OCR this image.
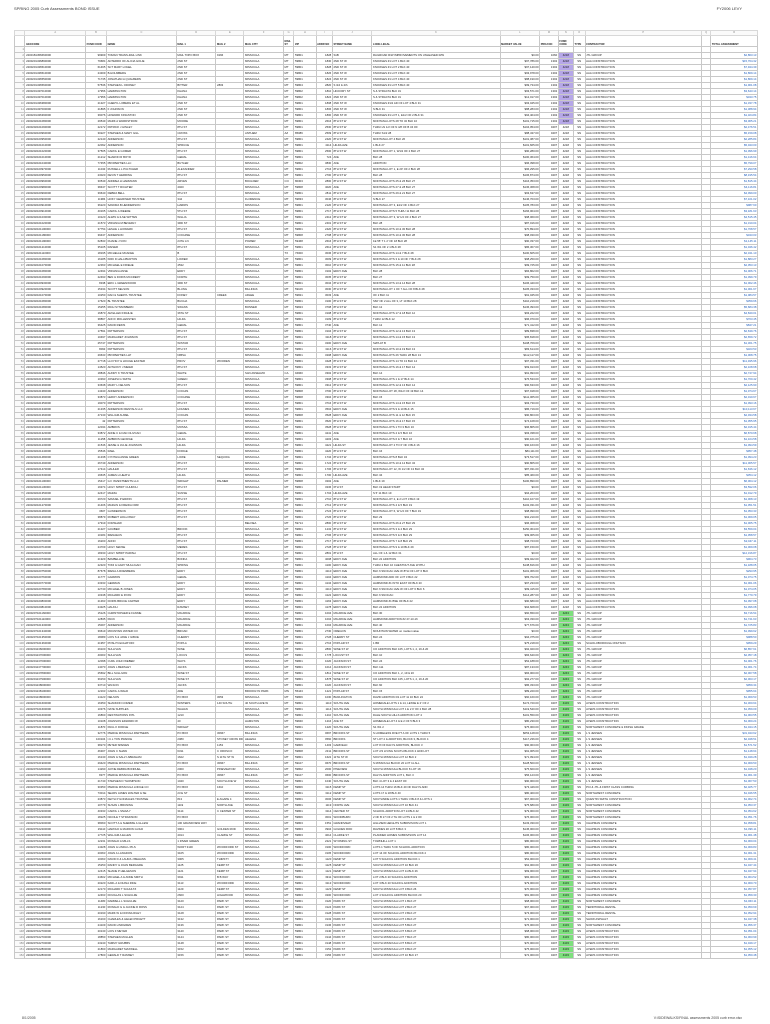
SPRING 2005 Curb Assessments BOND ISSUE	FY2006 LEVY
	A	B	C	D	E	F	G	H	I	J	K	L	M	N	O	P	Q	R
	GEOCODE	FUND CO/ID	NAME	MAIL 1	MAIL 2	MAIL CITY	MAIL ST	ZIP	ADDR NO	STREET NAME	LONG LEGAL	MARKET VALUE	PROJ NO	FUND CODE	TYPE	CONTRACTOR		TOTAL ASSESSMENT
1																		
2	2200181456660000	99909	TOMAN TRANS-RAIL LINK	MAIL TOPO BOX	9166	MISSOULA	MT	59801	1828	S1B	RAILROAD R/W IMPROVEMENTS ON UNLEASED R/W	$0.00	1060	4218	SN	JTL GROUP		$2,863.13
3	2200201436890000	79684	ANTERRO OF ALICIA GOLIE	2ND ST		MISSOULA	MT	59801	1830	2ND ST W	KNOWLES #1 LOT 1 BLK 40	$97,786.00	1302	4218	SN	AAA CONSTRUCTION		$15,764.32
4	2200201436510000	61465	SCT MARY LOGEL	2ND ST		MISSOULA	MT	59801	1828	2ND ST W	KNOWLES #1 LOT 2 BLK 40	$97,140.00	1302	4218	SN	AAA CONSTRUCTION		$7,944.39
5	2200201436510000	24309	B.HOLMBERG	2ND ST		MISSOULA	MT	59801	1826	2ND ST W	KNOWLES #1 LOT 3 BLK 40	$93,978.00	1302	4218	SN	AAA CONSTRUCTION		$1,869.14
6	2200201436550000	71735	JONATHAN A QUALBERN	2ND ST		MISSOULA	MT	59801	1824	2ND ST W	KNOWLES #1 LOT 4 BLK 40	$88,190.00	1302	4218	SN	AAA CONSTRUCTION		$1,869.14
7	2200201436560000	57536	STEPHEN L ODONEY	BITTER	2803	MISSOULA	MT	59804	2820	S 3rd & 4th	KNOWLES #1 LOT 5 BLK 40	$99,734.00	1302	4218	SN	AAA CONSTRUCTION		$1,901.08
8	2200201437010000	17956	HARRINGTON	KHANA		MISSOULA	MT	59802	1810	HICKORY ST	S & STRACTA BLK 31	$93,571.00	1302	4218	SN	AAA CONSTRUCTION		$3,643.14
9	2200201437010000	17956	HARRINGTON	KHANA		MISSOULA	MT	59802	1824	2ND ST W	S & STRACTA BLK 31	$12,017.00	1302	4218	SN	AAA CONSTRUCTION		$343.75
10	2200201436380000	21327	CHERYL LOBERG ET AL	2ND ST		MISSOULA	MT	59801	1808	2ND ST W	KNOWLES #1/2 AD OF LOT 4 BLK 31	$93,045.00	1302	4218	SN	AAA CONSTRUCTION		$1,337.78
11	2200201437000000	21895	F JOHNSON	2ND ST		MISSOULA	MT	59801	1806	2ND ST W	S BLK 31	$88,283.00	1302	4218	SN	AAA CONSTRUCTION		$1,388.94
12	2200201436390000	39076	HOWARD KINGSTON	2ND ST		MISSOULA	MT	59801	1800	2ND ST W	KNOWLES #1 LOT 1, E1/2 OF 2 BLK 31	$94,404.00	1302	4218	SN	AAA CONSTRUCTION		$1,324.84
13	2200202101080000	29549	MARK A WARDSTROM	MOORE		MISSOULA	MT	59801	2616	8TH ST W	MONTANA LOTS 28 TO 32 BLK 10	$101,715.00	1302	4218	SN	AAA CONSTRUCTION		$3,065.21
14	2200202101090000	22172	PATRICK J HINLEY	8TH ST		MISSOULA	MT	59801	2530	8TH ST W	THRU LN 1/2 OF N 4/8 OF B 34 OF	$104,054.00	0407	4218	SN	AAA CONSTRUCTION		$2,476.51
15	2200202100960000	30227	STEPHEN & MARY GILL	CROSS		ANTHEM	AZ	85086	2509	8TH ST W	THRU S1/2 28	$88,437.00	0407	4218	SN	AAA CONSTRUCTION		$5,159.08
16	2200202100950000	22140	ANDERSON	8TH ST		MISSOULA	MT	59801	2420	8TH ST W	MONTANA LOT 4 BLK 26	$101,387.00	0407	4218	SN	AAA CONSTRUCTION		$2,285.84
17	2200202101010000	22092	ANDERSON	SPRUCE		MISSOULA	MT	59801	4114	HILDA AVE	1 BLK 27	$101,665.00	0407	4218	SN	AAA CONSTRUCTION		$5,043.00
18	2200202101020000	37505	CAROL E GOMER	8TH ST		MISSOULA	MT	59801	2500	8TH ST W	MONTANA LOT 1, W1/2 OF 2 BLK 27	$90,280.00	0407	4218	SN	AAA CONSTRUCTION		$1,096.99
19	2200202101010000	21212	SHARON R BOYD	GERAL		MISSOULA	MT	59801	724	AVE	BLK 28	$100,364.00	0407	4218	SN	AAA CONSTRUCTION		$1,416.64
20	2200202101040000	77455	PROPERTIES LLC	BUTLER		MISSOULA	MT	59802	3830	AVE	ADDITION	$96,398.00	0407	4218	SN	AAA CONSTRUCTION		$5,799.07
21	2200202100970000	11043	RUSSELL L PULTCHER	ALEXANDER		MISSOULA	MT	59801	2716	8TH ST W	MONTANA LOT 1, E 20' OF 2 BLK 28	$96,295.00	0407	4218	SN	AAA CONSTRUCTION		$7,290.58
22	2200202100950000	23020	KEVIN T HERRING	8TH ST		MISSOULA	MT	59801	2700	8TH ST W	BLK 28	$106,874.00	0407	4218	SN	AAA CONSTRUCTION		$8,195.54
23	2200202100960000	30549	ANDREA H HARMANN	ARVEN		BOULDER	CO	80303	2800	8TH ST W	MONTANA LOTS 25 & 26 BLK 27	$116,353.00	0407	4218	SN	AAA CONSTRUCTION		$1,815.44
24	2200202100980000	38437	SCOTT T RICHTER	4020		MISSOULA	MT	59808	4020	AVE	MONTANA LOTS 27 & 28 BLK 27	$136,368.00	0407	4218	SN	AAA CONSTRUCTION		$4,116.81
25	2200202100990000	39640	DEBRA BELL	8TH ST		MISSOULA	MT	59801	2811	8TH ST W	MONTANA LOTS 29 & 21 BLK 27	$93,637.00	0407	4218	SN	AAA CONSTRUCTION		$4,099.00
26	2200202100900000	11984	HOKY GEHRINER TRUSTEE	344		FLORENCE	MT	59833	3046	8TH ST W	S BLK 27	$146,703.00	0407	4218	SN	AAA CONSTRUCTION		$7,101.02
27	2200202100910000	36220	SANDRA B HENDERSON	HARRIS		MISSOULA	MT	59801	2120	8TH ST W	MONTANA LOT 3, E1/2 OF 4 BLK 27	$105,783.00	0407	4218	SN	AAA CONSTRUCTION		$987.60
28	2200202100910000	40165	CAROL A WEEDE	5TH ST		MISSOULA	MT	59801	2717	8TH ST W	MONTANA LOTS 5 THRU 11 BLK 28	$166,004.00	0407	4218	SN	AAA CONSTRUCTION		$3,181.63
29	2200202101030000	10120	ALWIN & ILSE WITTEN	WILLIA		MISSOULA	MT	59801	2412	8TH ST W	MONTANA LOT 3, W 1/2 OF 4 BLK 27	$98,060.00	0407	4218	SN	AAA CONSTRUCTION		$4,515.45
30	2200202101020000	21573	VIRGINIA M BEVERLY	3RD ST		MISSOULA	MT	59801	2401	8TH ST W	BLK 28	$87,016.00	0407	4218	SN	AAA CONSTRUCTION		$1,310.04
31	2200202101100000	37754	LESLIE L HOWARD	8TH ST		MISSOULA	MT	59801	2420	8TH ST W	MONTANA LOTS 10 & 30 BLK 28	$70,894.00	0407	4218	SN	AAA CONSTRUCTION		$1,768.57
32	2200202101180000	39437	ANDERSON	COCHISE		MISSOULA	MT	59808	2708	8TH ST W	MONTANA LOTS 10 & 30 BLK 28	$98,030.00	0407	4218	SN	AAA CONSTRUCTION		$343.03
33	2200202101190000	62833	DUANE J VON	24TH LN		POWER	MT	59468	2616	8TH ST W	1E 55' T 1 2' OF 18 BLK 28	$90,337.00	0407	4218	SN	AAA CONSTRUCTION		$1,145.11
34	2200202101210000	35105	RAISER	8TH ST		MISSOULA	MT	59801	2612	8TH ST W	S1 W1 OF 2 1 BLK 28	$86,307.00	0407	4218	SN	AAA CONSTRUCTION		$1,046.42
35	2200202101110000	18195	MICHELLE MCAFEE	B			TX	76000	3036	8TH ST W	MONTANA LOTS 14 & 7 BLK 28	$100,605.00	0407	4218	SN	AAA CONSTRUCTION		$2,341.10
36	2200202101080000	16185	KIRK D HALLIBURTON	LOWER		MISSOULA	MT	59801	3009	8TH ST W	MONTANA LOTS 3 & 10 OF 7 BLK 28	$98,250.00	0407	4218	SN	AAA CONSTRUCTION		$1,883.27
37	2200202101070000	12363	MICHAEL E FRIEHE	4532		MISSOULA	MT	59801	3010	8TH ST W	MONTANA LOTS 15 & 11 BLK 28	$99,725.00	0407	4218	SN	AAA CONSTRUCTION		$2,053.13
38	2200202101080000	12494	VIRGINIA ANSE	EDDY		MISSOULA	MT	59801	3102	EDDY AVE	BLK 28	$84,802.00	0407	4218	SN	AAA CONSTRUCTION		$1,006.71
39	2200202101090000	22493	BEN & DORIS MCCRERY	NORTH		MISSOULA	MT	59801	3035	8TH ST W	BLK 27	$99,750.00	0407	4218	SN	AAA CONSTRUCTION		$1,099.79
40	2200202100930000	8338	ERIC L GREENWOOD	3RD ST		MISSOULA	MT	59801	3034	8TH ST W	MONTANA LOTS 13 & 14 BLK 28	$106,440.00	0407	4218	SN	AAA CONSTRUCTION		$1,062.46
41	2200202100920000	15334	SCOTT NELSON	BLUNG		BILLINGS	MT	59106	3030	8TH ST W	MONTANA LOT 1 OF 7 ALL OF 8 BLK 28	$105,333.00	0407	4218	SN	AAA CONSTRUCTION		$1,061.67
42	2200202101070000	10250	DAN & SHERYL TRUSTEE	DONEY	CREEK	ARLEE	MT	59821	3033	AVE	OF 2 BLK 11	$91,045.00	0407	4218	SN	AAA CONSTRUCTION		$1,084.57
43	2200202101080000	17620	BL TRUSTEE	BUCHA		MISSOULA	MT	59801	3100	8TH ST W	S60' OF 2 ALL OF 3, LT 10 BLK 28	$110,219.00	0407	4218	SN	AAA CONSTRUCTION		$359.66
44	2200202101080000	15255	RICH SYNNISBERN	SWANS		BONNER	MT	59823	3708	8TH ST W	BLK 12	$136,393.00	0407	4218	SN	AAA CONSTRUCTION		$5,684.38
45	2200202101420000	16870	AM ELLEN FRAILIE	36TH ST		MISSOULA	MT	59801	3108	8TH ST W	MONTANA LOTS 17 & 18 BLK 12	$93,222.00	0407	4218	SN	AAA CONSTRUCTION		$4,840.01
46	2200202101400000	38867	ANN F MOLLENSTEN	HILDA		MISSOULA	MT	59801	3109	8TH ST W	THRU 12 BLK 12	$96,070.00	0407	4218	SN	AAA CONSTRUCTION		$703.45
47	2200202101400000	36425	DAVID REINS	GERAL		MISSOULA	MT	59801	3740	AVE	BLK 12	$71,412.00	0407	4218	SN	AAA CONSTRUCTION		$847.21
48	2200202101460000	17591	PATTERSON	8TH ST		MISSOULA	MT	59801	3104	8TH ST W	MONTANA LOTS 12 & 13 BLK 13	$89,838.00	0407	4218	SN	AAA CONSTRUCTION		$2,639.76
49	2200202101400000	10497	MARGARET JOHNSON	8TH ST		MISSOULA	MT	59801	3118	8TH ST W	MONTANA LOTS 14 & 15 BLK 13	$95,818.00	0407	4218	SN	AAA CONSTRUCTION		$2,659.72
50	2200202101300000	25747	PATTERSON	WISTAR		MISSOULA	MT	59801	3200	EDDY AVE	S2PLAT B	$108,709.00	0407	4218	SN	AAA CONSTRUCTION		$1,301.75
51	2200202101400000	8093	PATTERSON	8TH ST		MISSOULA	MT	59801	3116	8TH ST W	MONTANA LOTS 10 & 19 BLK 13	$83,614.00	0407	4218	SN	AAA CONSTRUCTION		$323.53
52	2200202101420000	29633	PROPERTIES LLP	NIBSA		MISSOULA	MT	59801	3208	EDDY AVE	MONTANA LOTS 26 THRU 28 BLK 13	$112,117.00	0407	4218	SN	AAA CONSTRUCTION		$1,068.75
53	2200202101420000	27718	LLOYD P & HOUGE EASTER	PROV	WOODEN	MISSOULA	MT	59801	3428	8TH ST W	MONTANA LOTS 14 TO 13 BLK 14	$97,331.00	0407	4218	SN	AAA CONSTRUCTION		$11,495.96
54	2200202101430000	14520	ANTHONY J MEIER	8TH ST		MISSOULA	MT	59801	3333	8TH ST W	MONTANA LOTS 16 & 17 BLK 14	$69,913.00	0407	4218	SN	AAA CONSTRUCTION		$2,108.68
55	2200202101420000	18846	AUDRY K TRUSTEE	WHITE		SAN ANSELMO	CA	94960	3302	8TH ST W	BLK 14	$91,993.00	0407	4218	SN	AAA CONSTRUCTION		$2,747.94
56	2200202101370000	10393	JOSEPH G SMITH	GREEN		MISSOULA	MT	59801	3308	8TH ST W	MONTANA LOTS 1 & 17 BLK 14	$76,533.00	0407	4218	SN	AAA CONSTRUCTION		$1,700.42
57	2200202101390000	33638	MARY L NELSON	8TH ST		MISSOULA	MT	59801	3312	8TH ST W	MONTANA LOTS 12 & 13 BLK 14	$90,633.00	0407	4218	SN	AAA CONSTRUCTION		$2,125.90
58	2200202101380000	14340	ANDERSON	COCHIS		MISSOULA	MT	59808	3700	8TH ST W	MONTANA LOT 18, W1/2 OF 19 BLK 14	$97,918.00	0407	4218	SN	AAA CONSTRUCTION		$1,074.67
59	2200202101390000	33873	LEROY ANDERSON	COCHISE		MISSOULA	MT	59808	3304	8TH ST W	BLK 15	$111,065.00	0407	4218	SN	AAA CONSTRUCTION		$2,010.67
60	2200202101350000	19070	PATTERSON	8TH ST		MISSOULA	MT	59801	3716	8TH ST W	MONTANA LOTS 14 & 15 BLK 15	$93,730.00	0407	4218	SN	AAA CONSTRUCTION		$1,093.16
61	2200202101340000	21335	ANDERSON RENTALS LLC	HOLMES		MISSOULA	MT	59801	3504	EDDY AVE	MONTANA LOTS 9 & 10 BLK 15	$86,719.00	0407	4218	SN	AAA CONSTRUCTION		$10,113.67
62	2200202101360000	47130	WILLIAM AUREL	COCHIS		MISSOULA	MT	59808	3528	EDDY AVE	MONTANA LOTS 11 & 12 BLK 15	$90,803.00	0407	4218	SN	AAA CONSTRUCTION		$2,034.58
63	2200202101300000	42	PATTERSON	8TH ST		MISSOULA	MT	59801	3520	8TH ST W	MONTANA LOTS 16 & 17 BLK 15	$74,108.00	0407	4218	SN	AAA CONSTRUCTION		$1,055.95
64	2200202101310000	12034	AMBROS	MOSSA		MISSOULA	MT	59801	3528	8TH ST W	MONTANA LOTS 1 TO 3 BLK 16	$96,805.00	0407	4218	SN	AAA CONSTRUCTION		$2,015.44
65	2200202101320000	33872	ANNE C & DAN OLIVCAN	GERAL		MISSOULA	MT	59801	4241	AVE	MONTANA LOTS 4 & 5 BLK 16	$93,338.00	0407	4218	SN	AAA CONSTRUCTION		$6,870.68
66	2200202101330000	11258	AMBROS GEORGE	HILDA		MISSOULA	MT	59801	4203	AVE	MONTANA LOTS 6 & 7 BLK 16	$90,101.00	0407	4218	SN	AAA CONSTRUCTION		$1,104.58
67	2200202101230000	21546	JESSE & JULIE JOHNSON	HILDA		MISSOULA	MT	59801	4221	HILDA ST	MONTANA LOT 2 TO 6' OF 3 BLK 16	$90,163.00	0407	4218	SN	AAA CONSTRUCTION		$1,094.59
68	2200202101240000	15546	RAEL	DODGE		MISSOULA	MT	59801	4220	8TH ST W	BLK 16	$84,111.00	0407	4218	SN	AAA CONSTRUCTION		$957.48
69	2200202101480000	21338	CYNTHIA ANNE GREEN	LOWE	SEQUOIA	MISSOULA	MT	59801	1734	8TH ST W	MONTANA LOTS 8 BLK 34	$73,517.00	0407	4218	SN	AAA CONSTRUCTION		$1,094.23
70	2200202101490000	26749	ANDERSON	8TH ST		MISSOULA	MT	59801	1724	8TH ST W	MONTANA LOTS 10 & 12 BLK 34	$90,805.00	0407	4218	SN	AAA CONSTRUCTION		$11,065.57
71	2200202101470000	17414	HAULER	8TH ST		MISSOULA	MT	59801	1706	8TH ST W	MONTANA LOT 12, W 1/2 OF 13 BLK 34	$87,031.00	0407	4218	SN	AAA CONSTRUCTION		$1,636.12
72	2200202101530000	19635	JAMES H HEATH	HILDA		MISSOULA	MT	59801	1700	HILDA AVE	BLK 34	$85,460.00	0407	4218	SN	AAA CONSTRUCTION		$354.12
73	2200202101100000	15417	G F INVESTMENTS LLC	WRIGHT	PALMER	MISSOULA	MT	59808	3202	AVE	1 BLK 19	$100,890.00	0407	4218	SN	AAA CONSTRUCTION		$6,064.12
74	2200202101130000	19374	HOLY SPIRIT CHURCH	6TH ST		MISSOULA	MT	59801	3236	6TH ST	BLK 19 HEAD START	$0.00	0407	4218	SN	AAA CONSTRUCTION		$3,592.06
75	2200202101350000	22417	MAZZA	SUNSE		MISSOULA	MT	59801	1704	HILDA AVE	S 5' 11 BLK 19	$94,203.00	0407	4218	SN	AAA CONSTRUCTION		$1,012.79
76	2200202101260000	29720	SAMUEL P ERWIN	8TH ST		MISSOULA	MT	59801	2710	8TH ST W	MONTANA LOT 2, E 2 LOT 3 BLK 19	$110,107.00	0407	4218	SN	AAA CONSTRUCTION		$1,068.13
77	2200202101270000	21406	MARLIN & FREIDA ORR	8TH ST		MISSOULA	MT	59801	2712	8TH ST W	MONTANA LOTS 4 & 5 BLK 19	$102,031.00	0407	4218	SN	AAA CONSTRUCTION		$1,051.51
78	2200202101280000	3607	GUNDERSON	8TH ST		MISSOULA	MT	59801	2724	8TH ST W	MONTANA LOT 6, W 1/2 OF 7 BLK 19	$98,090.00	0407	4218	SN	AAA CONSTRUCTION		$1,053.33
79	2200202101290000	38879	ROBERT HOLLOWAY	8TH ST		MISSOULA	MT	59801	2726	8TH ST W	BLK 29	$92,210.00	0407	4218	SN	AAA CONSTRUCTION		$1,069.05
80	2200202101300000	17919	FORSHAW			BELVIEA	MT	59714	2800	8TH ST W	MONTANA LOTS 26 & 27 BLK 29	$96,308.00	0407	4218	SN	AAA CONSTRUCTION		$1,065.75
81	2200202100680000	21327	GOUBER	BROOK		MISSOULA	MT	59801	1232	8TH ST W	MONTANA LOTS 3 & 4 BLK 29	$150,304.00	0407	4218	SN	AAA CONSTRUCTION		$3,559.04
82	2200202100690000	10184	IRENAEUS	8TH ST		MISSOULA	MT	59801	2706	8TH ST W	MONTANA LOTS 5 & 6 BLK 29	$99,005.00	0407	4218	SN	AAA CONSTRUCTION		$1,058.57
83	2200202100700000	16200	ANNO	8TH ST		MISSOULA	MT	59801	2717	8TH ST W	MONTANA LOTS 7 & 8 BLK 29	$98,723.00	0407	4218	SN	AAA CONSTRUCTION		$2,047.11
84	2200202100710000	24709	HOLY SENSE	MERES		MISSOULA	MT	59801	2728	8TH ST W	MONTANA LOTS 9 & 10 BLK 29	$87,150.00	0407	4218	SN	AAA CONSTRUCTION		$1,069.08
85	2200202100720000	18330	HOLY SPIRIT PARISH	6TH ST		MISSOULA	MT	59801	2801	8TH ST	ALL OF 1 & 12 BLK 31	$0.00	0407	4218	SN	AAA CONSTRUCTION		$12,316.87
86	2200202100730000	21929	BAMBELLNE	BONKA		MISSOULA	MT	59801	4008	EDDY AVE	BLK 22 ADDITION	$99,022.00	0407	4218	SN	AAA CONSTRUCTION		$964.73
87	2200202100740000	22320	TONI & GARY MULLIGAN	SPRING		MISSOULA	MT	59801	4100	EDDY AVE	THRU 2 BLK 16 CHESTNUT AVE W 8TH	$138,816.00	0407	4218	SN	AAA CONSTRUCTION		$1,188.05
88	2200202100750000	87678	IRENA A ROENBERG	EDDY		MISSOULA	MT	59801	4110	EDDY AVE	BLK 6 SNOCAC AVE W 8TH OF LOT 6 BLK	$101,306.00	0407	4218	SN	AAA CONSTRUCTION		$293.95
89	2200202100760000	11777	GARMON	GERAL		MISSOULA	MT	59801	4104	EDDY AVE	HAMMOND ADD OF LOT 3 BLK 22	$83,702.00	0407	4218	SN	AAA CONSTRUCTION		$1,074.75
90	2200202100770000	23333	GERMAN	EDDY		MISSOULA	MT	59801	4134	EDDY AVE	HAMMOND #1 INTO EAST OF BLK 20	$97,233.00	0407	4218	SN	AAA CONSTRUCTION		$1,061.06
91	2200202100780000	22740	MICHAEL B JONES	EDDY		MISSOULA	MT	59801	4110	EDDY AVE	BLK 6 SNOCAC AVE W OF LOT 6 BLK 6	$99,415.00	0407	4218	SN	AAA CONSTRUCTION		$1,074.05
92	2200202100790000	10348	RICHARD E RYAN	EDDY		MISSOULA	MT	59801	4122	EDDY AVE	BLK 6 SNOCAC	$114,287.00	0407	4218	SN	AAA CONSTRUCTION		$1,770.79
93	2200202100800000	21363	DORIS BRUCE CARTER	EDDY		MISSOULA	MT	59801	4163	EDDY AVE	HAMMOND #1 BSE OF BLK 22	$90,680.00	0407	4218	SN	AAA CONSTRUCTION		$1,097.08
94	2200202100810000	24325	HAUCH	RAMSEY		MISSOULA	MT	59801	4178	EDDY AVE	BLK 22 ADDITION	$94,608.00	0407	4218	SN	AAA CONSTRUCTION		$1,096.08
95	2200207101160000	15126	CHRISTOPHER E FANNIE	MAURICE		MISSOULA	MT	59801	1004	MAURICE AVE	BLK 30	$60,650.00	0407	4243	SN	JTL GROUP		$3,716.54
96	2200207101110000	12835	PACK	MAURICE		MISSOULA	MT	59801	1004	MAURICE AVE	HAMMOND ADDITION #2 27-13-16	$63,330.00	0407	4243	SN	JTL GROUP		$1,741.63
97	2200207101330000	15007	ANDERSON	MAURICE		MISSOULA	MT	59801	1004	MAURICE AVE	BLK 40	$77,676.00	0407	4243	SN	JTL GROUP		$1,725.83
98	2200207101340000	39619	MOUNTAIN WATER CO	BROAD		MISSOULA	MT	59801	2730	OREGON	MOUNTAIN WATER on market value	$0.00	0407	4243	SN	JTL GROUP		$1,099.62
99	2200207101350000	18089	LOIS S & JANE J GIBUE	CHERRY		MISSOULA	MT	59801	2728	CHERRY ST	BLK 24	$94,375.00	0407	4243	SN	JTL GROUP		$988.50
100	2200207101360000	21957	POSLYN ECHATOFF	POPLA		MISSOULA	MT	59801	2716	POPLAR ST	1 BR	$75,218.00	0407	4243	SN	SCHOLOBOROUGH WILTSON		$959.29
101	2200201136000000	29100	SULLIVAN	WINE		MISSOULA	MT	59801	2800	WINE ST W	CO ADDITION BLK 105, LOTS 1, 2, 19 & 20	$92,020.00	0407	4243	SN	JTL GROUP		$6,857.61
102	2200201137000000	40003	SULLIVAN	LOCUS		MISSOULA	MT	59801	1778	LOCUST ST	BLK 10	$84,640.00	0407	4243	SN	JTL GROUP		$2,057.18
103	2200201137600000	12098	CURL JOHN WEBER	WAYS		MISSOULA	MT	59801	1020	JACKSON ST	BLK 24	$52,188.00	0407	4243	SN	JTL GROUP		$1,001.76
104	2200201137700000	14070	JOHN L BEDSLEY	JACKS		MISSOULA	MT	59801	1014	JACKSON ST	BLK 111	$87,133.00	0407	4243	SN	JTL GROUP		$1,001.74
105	2200201137800000	25692	BILL SULLIVAN	WINE ST		MISSOULA	MT	59801	1812	WINE ST W	CO ADDITION BLK 1, 2, 19 & 20	$84,000.00	0407	4243	SN	JTL GROUP		$2,067.58
106	2200201137900000	39150	SULLIVAN	WINE ST		MISSOULA	MT	59801	1878	WINE ST W	CO ADDITION BLK 105, LOTS 1, 2, 19 & 20	$92,277.00	0407	4243	SN	JTL GROUP		$2,063.17
107	2200201138000000	33710	WILSON	JACKS		MISSOULA	MT	59801	1020	JACKSON ST	BLK 60	$86,333.00	0407	4243	SN	JTL GROUP		$959.34
108	2200201138100000	12163	CAROL A WALD	ADE		BROOKLYN PARK	MN	55443	1221	POPLAR ST	BLK 15	$89,220.00	0407	4243	SN	JTL GROUP		$955.64
109	2200201138600000	14123	NELSON	PO BOX	3053	MISSOULA	MT	59806	1030	BURLINGTON	DAVID ADDITION #1 LOT 11 16 BLK 24	$60,160.00	0407	4243	SN	JTL GROUP		$1,069.53
110	2200207101600000	16350	SHANNON COMER	WINTERS	140 SOUTH	46 SOUTH AVE W	MT	59801	1110	SOUTH AVE	HOMEDALE LOTS 1 & 14, LESSE E 2' OF 2	$174,720.00	0407	4103	SN	AYERS CONSTRUCTION		$1,300.64
111	2200207101600000	10376	NATE SUPPLES	WAHAN		MISSOULA	MT	59801	1114	SOUTH AVE	SOUTH MISSOULA LOT 1 E 2 0' OF 2 BLK 28	$119,540.00	0407	4103	SN	AYERS CONSTRUCTION		$1,059.09
112	2200207101600000	16860	DESTINATIONS INTL	1210		MISSOULA	MT	59801	1210	SOUTH AVE	DALE SOUTH HILLS ADDITION LOT 4	$101,550.00	0407	4103	SN	AYERS CONSTRUCTION		$1,063.55
113	2200207101600000	10108	JOHNSON EDWARD W	40		HAMILTON	MT	59840	1216	AVE ST	HOMEDALE LOT 4 & E 2 OF 5 BLK 3	$80,230.00	0407	4103	SN	AYERS CONSTRUCTION		$1,060.24
114	2200207101700000	11870	PAUL K DODGE	WRIGHT		MISSOULA	MT	59801	1220	SOUTH AVE	S1 W1 2	$75,000.00	0407	4103	SN	NORTHWEST CONCRETE & FINISH GRADE		$1,044.15
115	2200207101800000	32776	PIERCE MISSOULA PARTNERS	PO BOX	30667	BILLINGS	MT	59107	0697	BROOKS ST	S HOMELESS RVE PT A OF LOTS 1 THRU 5	$653,128.00	0407	4103	SN	L S JENSEN		$31,043.62
116	2200207101800000	100104	I.C.L TON PRAKKE	2080	STONEY CROW RD	HELENA	MT	59601	0560	BROOKS	ST LOT 2 & ADDITION, BLOCK 3, BLOCK 4	$117,236.00	0407	4103	SN	L S JENSEN		$2,048.51
117	2200207101800000	38270	PETER SPENEN	PO BOX	1153	MISSOULA	MT	59806	1403	GARFIELD	LOT 8 OF DALYS ADDITION, BLOCK 3	$90,003.00	0407	4103	SN	L S JENSEN		$1,571.52
118	2200207101800000	46307	JOHN C SHAW	6311	C OROSCO	MISSOULA	MT	59808	2311	BROOKS ST	LOT 2/3 LIVING SOUTH BLOCK 2 ADD LOT	$91,005.00	0407	4103	SN	L S JENSEN		$1,148.64
119	2200207101900000	16130	JOHN & SALLY ABRAHAM	1622	S 11TH ST W	MISSOULA	MT	59801	1622	11TH ST W	SOUTH MISSOULA LOT 12 BLK 2	$71,094.00	0407	4103	SN	L S JENSEN		$1,049.28
120	2200207101900000	29420	PIERCE MISSOULA PARTNERS	PO BOX	30667	BILLINGS	MT	59107	0670	BROOKS ST	S MISSOULA BLOCK 20 LOT 11 ALL	$128,500.00	0407	4103	SN	L S JENSEN		$1,069.50
121	2200207102000000	14290	JAYNE DEBRA BONDUEL	2000	PINEVIEW DR	MISSOULA	MT	59802	2000	PINEVIEW	SOUTH MISSOULA BLOCK 8 LOT 18	$75,600.00	0407	4103	SN	L S JENSEN		$1,048.20
122	2200207102000000	8377	PIERCE MISSOULA PARTNERS	PO BOX	30667	BILLINGS	MT	59107	0600	BROOKS ST	DALYS ADDITION LOT 1, BLK 3	$56,123.00	0407	4103	SN	L S JENSEN		$1,061.39
123	2200207102000000	21740	STEPHEN D THOMPSON	1040	SOUTH AVE W	MISSOULA	MT	59801	1040	SOUTH AVE	BLK 4 LOT 3 & 4 EAST OF	$90,000.00	0407	4103	SN	L S JENSEN		$1,067.53
124	2200207102100000	30350	PIERCE MISSOULA LODGE CO	PO BOX	1610	MISSOULA	MT	59806	3115	KEMP ST	LOTS 14 THRU 16 BLK 40 OF DALYS ADD	$73,449.00	0407	4103	SN	PCI & JTL & FIRST CLASS CURBING		$2,025.77
125	2200207102100000	73014	SEARS JAMES WALTER & SE	23 E ST		MISSOULA	MT	59801	3112	KEMP ST	LOTS 17 & 18 BLK 40	$80,400.00	0407	4103	SN	NORTHWEST CONCRETE		$1,046.55
126	2200207102100000	23873	KEITH P GONZALES TRUSTEE	813	E AGAPE 4	MISSOULA	MT	59801	3006	KEMP ST	SOUTHSIDE LOTS 1 THRU 3 BLK 8 & LOTS 1	$67,000.00	0407	4103	SN	QUENTIN SMITH CONSTRUCTION		$1,062.74
127	2200207102100000	10779	SUSAN L BRUNING	1119	NORTH AVE	MISSOULA	MT	59801	1119	NORTH AVE	SOUTH MISSOULA LOT 10 BLK 41	$75,680.00	0407	4103	SN	NORTHWEST CONCRETE		$1,053.37
128	2200207102200000	40333	CAROL L SNAVLY	3114	C CENTER ST	MISSOULA	MT	59801	3114	CENTER ST	SCHOOL ADDITION LOT 14 BLK 42	$79,000.00	0407	4103	SN	NORTHWEST CONCRETE		$1,054.62
129	2200207102200000	18225	NICOLE T STRAINSON	PO BOX		MISSOULA	MT	59806	3001	WOODBURN	2 OF B 17 OF 2 TH OF LOTS 1 & 2 OF	$76,000.00	0407	4103	SN	NORTHWEST CONCRETE		$1,051.76
130	2200207102200000	38060	SCOTT A & SHERRIE A GLLEW	100 GRANDVIEW WAY		MISSOULA	MT	59803	1551	GRANDVIEW	HILLVIEW HEIGHTS SUBDIVISION LOT 1	$133,330.00	0407	4103	SN	CHAPMAN CONCRETE		$1,058.81
131	2200207102200000	29110	HAROLD & MARION GUILD	3904	GOLDEN ROD	MISSOULA	MT	59803	3904	GOLDEN ROD	RAVINES #2 LOT 8 BLK 3	$145,000.00	0407	4103	SN	CHAPMAN CONCRETE		$1,096.11
132	2200207102300000	17725	WILLIAM A ELLEN	4014	CLARKE ST	MISSOULA	MT	59803	4014	CLARKE ST	PLANNED HOMES SUBDIVISION LOT 14	$106,000.00	0407	4103	SN	CHAPMAN CONCRETE		$1,061.48
133	2200207102300000	12231	RONALD A MILLS	1 RIVER GREEN		MISSOULA	MT	59801	2221	WYOMING ST	TOWNHILL LOT 1	$80,000.00	0407	4103	SN	CHAPMAN CONCRETE		$1,060.04
134	2200207102300000	14328	JOHN & LINDA L PILS	WORT 3100	WOODFORD ST	MISSOULA	MT	59801	3100	WOODFORD	LOTS 1 THRU 5 OF SCHOOL ADDITION	$80,000.00	0407	4103	SN	CHAPMAN CONCRETE		$1,069.83
135	2200207102300000	20063	JOHN A LANGDON	3105	WOODFORD	MISSOULA	MT	59801	3105	WOODFORD	LOT 14 OF SCHOOL ADDITION BLOCK 2	$80,000.00	0407	4103	SN	CHAPMAN CONCRETE		$1,061.31
136	2200207102300000	10063	DAVID D & LAURA J BEHANS	3005	THIRSTY	MISSOULA	MT	59801	1120	KEMP ST	LOT 5 SCHOOL ADDITION BLOCK 1	$52,000.00	0407	4103	SN	CHAPMAN CONCRETE		$1,069.41
137	2200207102400000	15250	RANDY & JOAN BERGGRE	1125	KEMP ST	MISSOULA	MT	59801	1125	KEMP ST	SOUTH MISSOULA LOT 10 BLK 26	$62,000.00	0407	4103	SN	CHAPMAN CONCRETE		$1,047.44
138	2200207102400000	12415	SHANE P HELGESON	1121	KEMP ST	MISSOULA	MT	59801	1121	KEMP ST	SOUTH MISSOULA LOT 11 BLK 26	$69,000.00	0407	4103	SN	CHAPMAN CONCRETE		$1,047.94
139	2200207102400000	24602	MICHAEL A & ANNE SMITH	3911	B B WAY	MISSOULA	MT	59801	3911	WOODFORD	LOT 2 BLK 20 SCHOOL ADDITION	$82,000.00	0407	4103	SN	CHAPMAN CONCRETE		$1,064.52
140	2200207102500000	20220	KARL A & DIANA RICE	3113	WOODFORD	MISSOULA	MT	59801	3113	WOODFORD	LOT 3 BLK 20 SCHOOL ADDITION	$79,000.00	0407	4103	SN	CHAPMAN CONCRETE		$1,060.70
141	2200207102500000	22170	RICHARD T SCHULTZ	1129	KEMP ST	MISSOULA	MT	59801	1129	KEMP ST	SOUTH MISSOULA LOT 9 BLK 26	$70,000.00	0407	4103	SN	CHAPMAN CONCRETE		$1,057.87
142	2200207102500000	12463	DOUGLAS L SCHULZE	2600	HIGHWOOD	MISSOULA	MT	59803	3200	WOODFORD	LOT 4 SCHOOL ADDITION BLOCK 20	$81,000.00	0407	4103	SN	CHAPMAN CONCRETE		$1,059.30
143	2200207102500000	11480	DARRELL L SCHULZE	3120	PARK ST	MISSOULA	MT	59801	3120	PARK ST	SOUTH MISSOULA LOT 1 BLK 27	$68,000.00	0407	4103	SN	NORTHWEST CONCRETE		$1,063.11
144	2200207102600000	11230	RONALD G & JACKIE D ROSS	3124	PARK ST	MISSOULA	MT	59801	3124	PARK ST	SOUTH MISSOULA LOT 2 BLK 27	$67,000.00	0407	4103	SN	TERRITORIAL RENTAL		$1,050.69
145	2200207102600000	20190	MARK W & DONNA RILEY	3128	PARK ST	MISSOULA	MT	59801	3128	PARK ST	SOUTH MISSOULA LOT 3 BLK 27	$73,000.00	0407	4103	SN	TERRITORIAL RENTAL		$1,052.94
146	2200207102600000	16160	CHARLES & HELEN PRUETT	3132	PARK ST	MISSOULA	MT	59801	3132	PARK ST	SOUTH MISSOULA LOT 4 BLK 27	$71,000.00	0407	4103	SN	SHOW ASPHALT		$1,047.38
147	2200207102700000	24109	DAVID LINDGREN	3136	PARK ST	MISSOULA	MT	59801	3136	PARK ST	SOUTH MISSOULA LOT 5 BLK 27	$76,000.00	0407	4103	SN	NORTHWEST CONCRETE		$1,056.37
148	2200207102700000	20130	LOIS F MEYER	3140	PARK ST	MISSOULA	MT	59801	3140	PARK ST	SOUTH MISSOULA LOT 6 BLK 27	$68,000.00	0407	4103	SN	AYERS CONSTRUCTION		$1,051.04
149	2200207102700000	18850	STEPHEN MULLEN	3144	PARK ST	MISSOULA	MT	59801	3144	PARK ST	SOUTH MISSOULA LOT 7 BLK 27	$80,000.00	0407	4103	SN	AYERS CONSTRUCTION		$1,063.99
150	2200207102700000	23240	TAMMY GRUBBS	3148	PARK ST	MISSOULA	MT	59801	3148	PARK ST	SOUTH MISSOULA LOT 8 BLK 27	$70,000.00	0407	4103	SN	AYERS CONSTRUCTION		$1,049.17
151	2200207102800000	21860	MARGARET MAXWELL	3152	PARK ST	MISSOULA	MT	59801	3152	PARK ST	SOUTH MISSOULA LOT 9 BLK 27	$75,000.00	0407	4103	SN	AYERS CONSTRUCTION		$1,055.12
152	2200207102800000	17800	GERALD T RAMSEY	3156	PARK ST	MISSOULA	MT	59801	3156	PARK ST	SOUTH MISSOULA LOT 10 BLK 27	$72,000.00	0407	4103	SN	AYERS CONSTRUCTION		$1,050.48
8/1/2005	V:\SIDEWALKS\FINAL assessments 2005 curb error.xlsx
